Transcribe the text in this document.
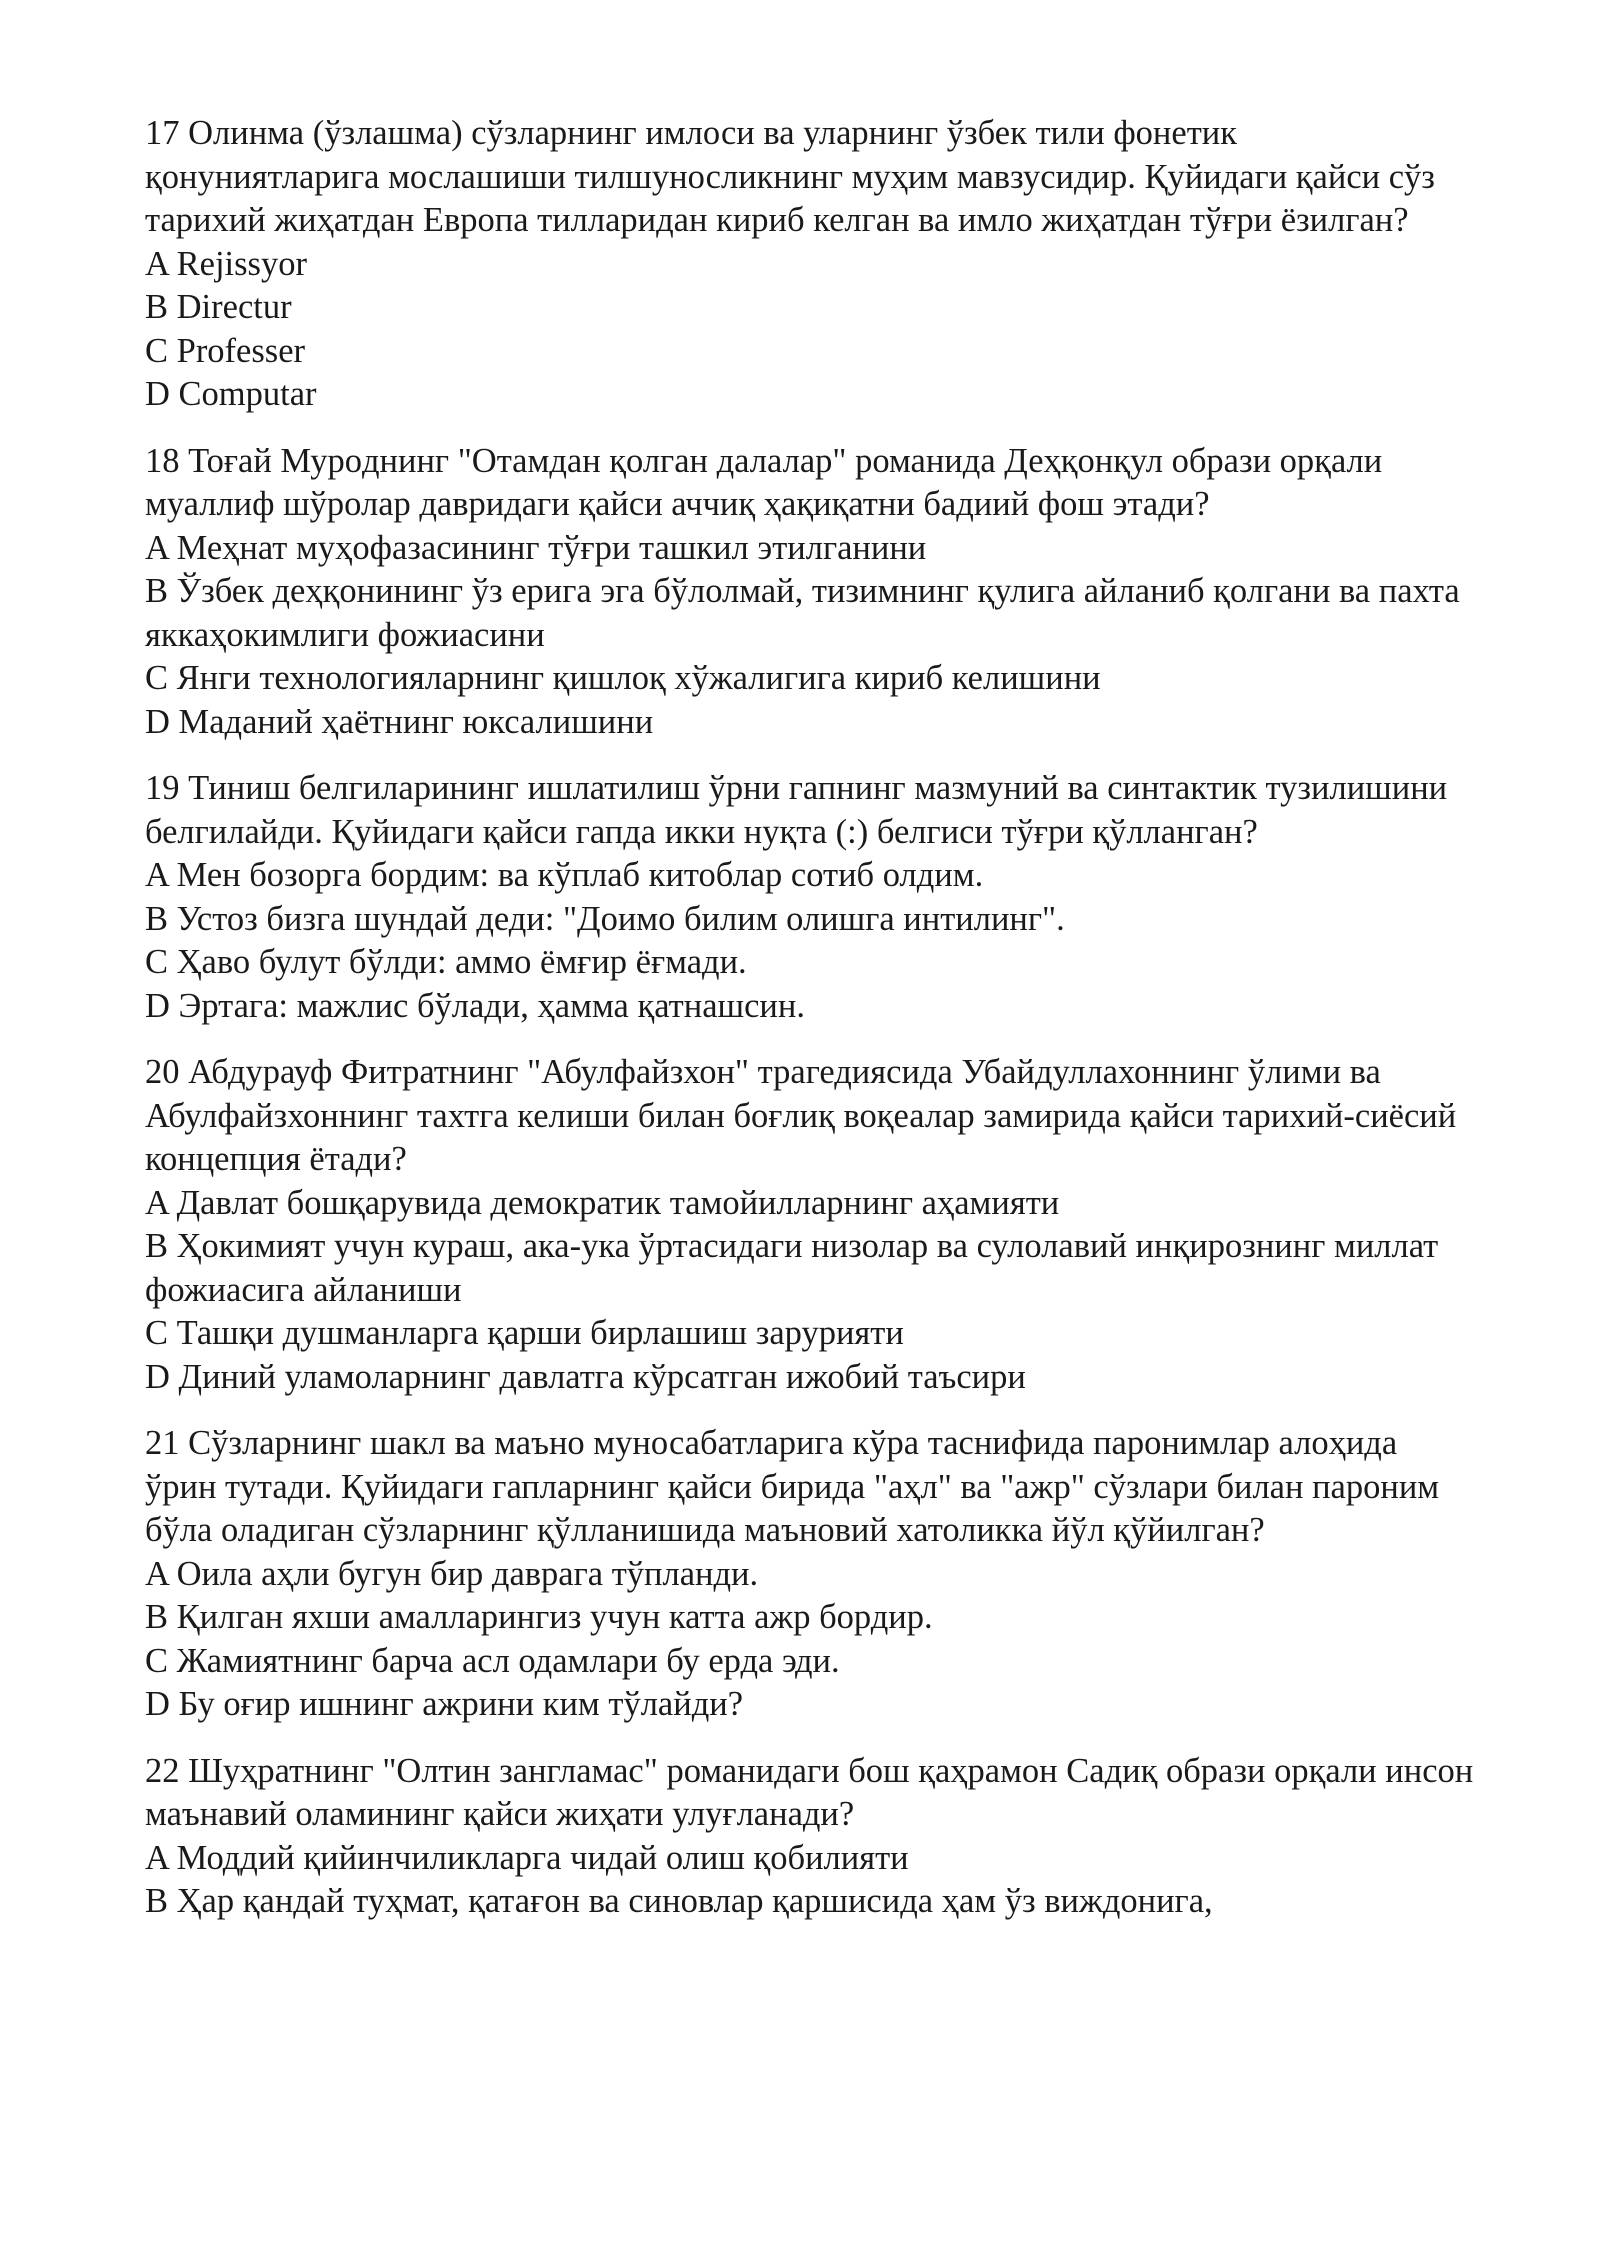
17 Олинма (ўзлашма) сўзларнинг имлоси ва уларнинг ўзбек тили фонетик қонуниятларига мослашиши тилшуносликнинг муҳим мавзусидир. Қуйидаги қайси сўз тарихий жиҳатдан Европа тилларидан кириб келган ва имло жиҳатдан тўғри ёзилган?

A Rejissyor

B Directur

C Professer

D Computar

18 Тоғай Мурoднинг "Отамдан қолган далалар" романида Деҳқонқул образи орқали муаллиф шўролар давридаги қайси аччиқ ҳақиқатни бадиий фош этади?

A Меҳнат муҳофазасининг тўғри ташкил этилганини

B Ўзбек деҳқонининг ўз ерига эга бўлолмай, тизимнинг қулига айланиб қолгани ва пахта яккаҳокимлиги фожиасини

C Янги технологияларнинг қишлоқ хўжалигига кириб келишини

D Маданий ҳаётнинг юксалишини

19 Тиниш белгиларининг ишлатилиш ўрни гапнинг мазмуний ва синтактик тузилишини белгилайди. Қуйидаги қайси гапда икки нуқта (:) белгиси тўғри қўлланган?

A Мен бозорга бордим: ва кўплаб китоблар сотиб олдим.

B Устоз бизга шундай деди: "Доимо билим олишга интилинг".

C Ҳаво булут бўлди: аммо ёмғир ёғмади.

D Эртага: мажлис бўлади, ҳамма қатнашсин.

20 Абдурауф Фитратнинг "Абулфайзхон" трагедиясида Убайдуллахоннинг ўлими ва Абулфайзхоннинг тахтга келиши билан боғлиқ воқеалар замирида қайси тарихий-сиёсий концепция ётади?

A Давлат бошқарувида демократик тамойилларнинг аҳамияти

B Ҳокимият учун кураш, ака-ука ўртасидаги низолар ва сулолавий инқирознинг миллат фожиасига айланиши

C Ташқи душманларга қарши бирлашиш зарурияти

D Диний уламоларнинг давлатга кўрсатган ижобий таъсири

21 Сўзларнинг шакл ва маъно муносабатларига кўра таснифида паронимлар алоҳида ўрин тутади. Қуйидаги гапларнинг қайси бирида "аҳл" ва "ажр" сўзлари билан пароним бўла оладиган сўзларнинг қўлланишида маъновий хатоликка йўл қўйилган?

A Оила аҳли бугун бир даврага тўпланди.

B Қилган яхши амалларингиз учун катта ажр бордир.

C Жамиятнинг барча асл одамлари бу ерда эди.

D Бу оғир ишнинг ажрини ким тўлайди?

22 Шуҳратнинг "Олтин зангламас" романидаги бош қаҳрамон Садиқ образи орқали инсон маънавий оламининг қайси жиҳати улуғланади?

A Моддий қийинчиликларга чидай олиш қобилияти

B Ҳар қандай туҳмат, қатағон ва синовлар қаршисида ҳам ўз виждонига,
